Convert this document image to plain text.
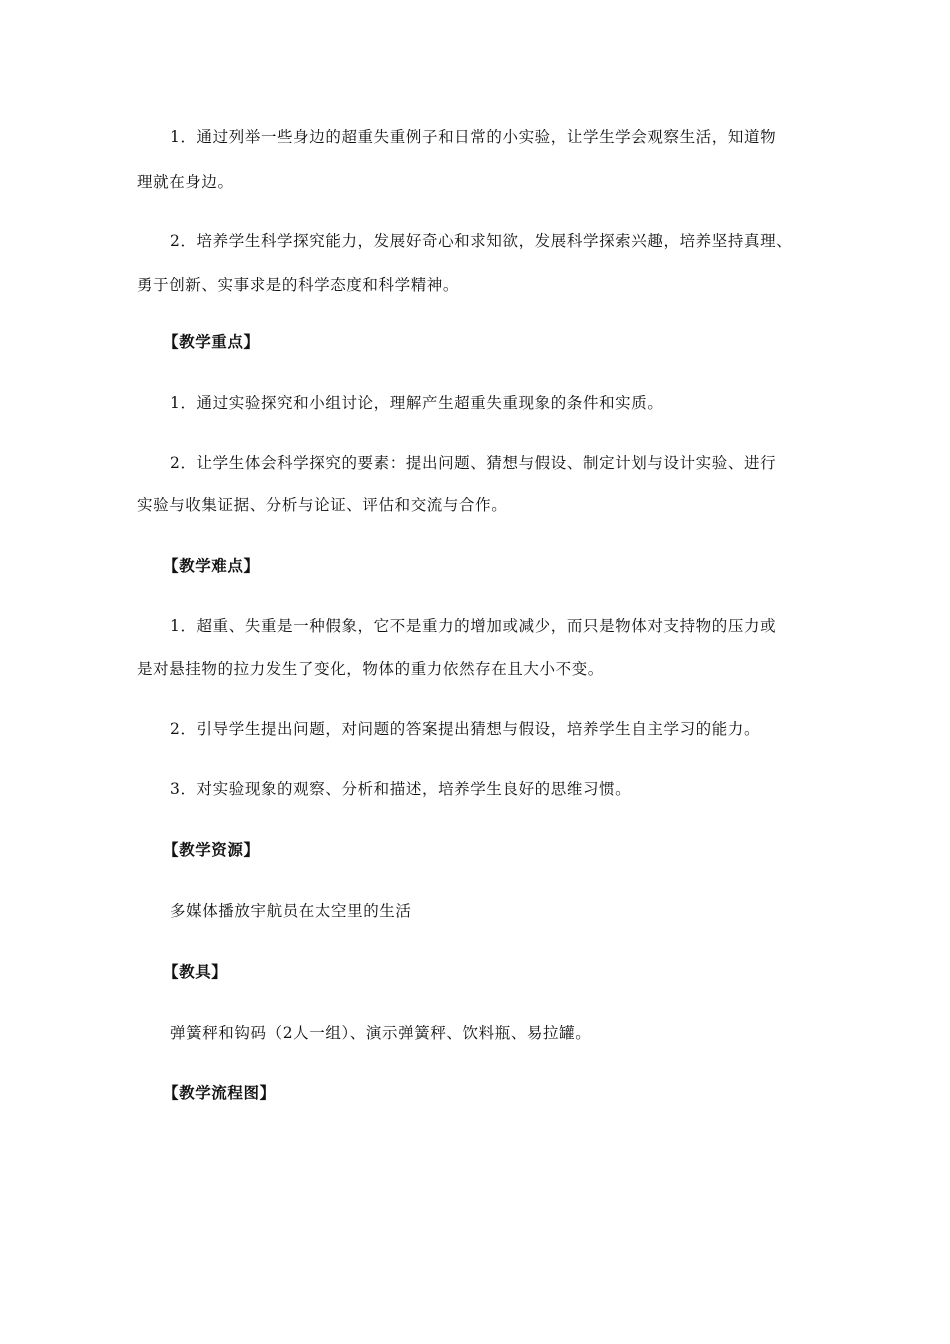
1．通过列举一些身边的超重失重例子和日常的小实验，让学生学会观察生活，知道物
理就在身边。
2．培养学生科学探究能力，发展好奇心和求知欲，发展科学探索兴趣，培养坚持真理、
勇于创新、实事求是的科学态度和科学精神。
【教学重点】
1．通过实验探究和小组讨论，理解产生超重失重现象的条件和实质。
2．让学生体会科学探究的要素：提出问题、猜想与假设、制定计划与设计实验、进行
实验与收集证据、分析与论证、评估和交流与合作。
【教学难点】
1．超重、失重是一种假象，它不是重力的增加或减少，而只是物体对支持物的压力或
是对悬挂物的拉力发生了变化，物体的重力依然存在且大小不变。
2．引导学生提出问题，对问题的答案提出猜想与假设，培养学生自主学习的能力。
3．对实验现象的观察、分析和描述，培养学生良好的思维习惯。
【教学资源】
多媒体播放宇航员在太空里的生活
【教具】
弹簧秤和钩码（2人一组）、演示弹簧秤、饮料瓶、易拉罐。
【教学流程图】
